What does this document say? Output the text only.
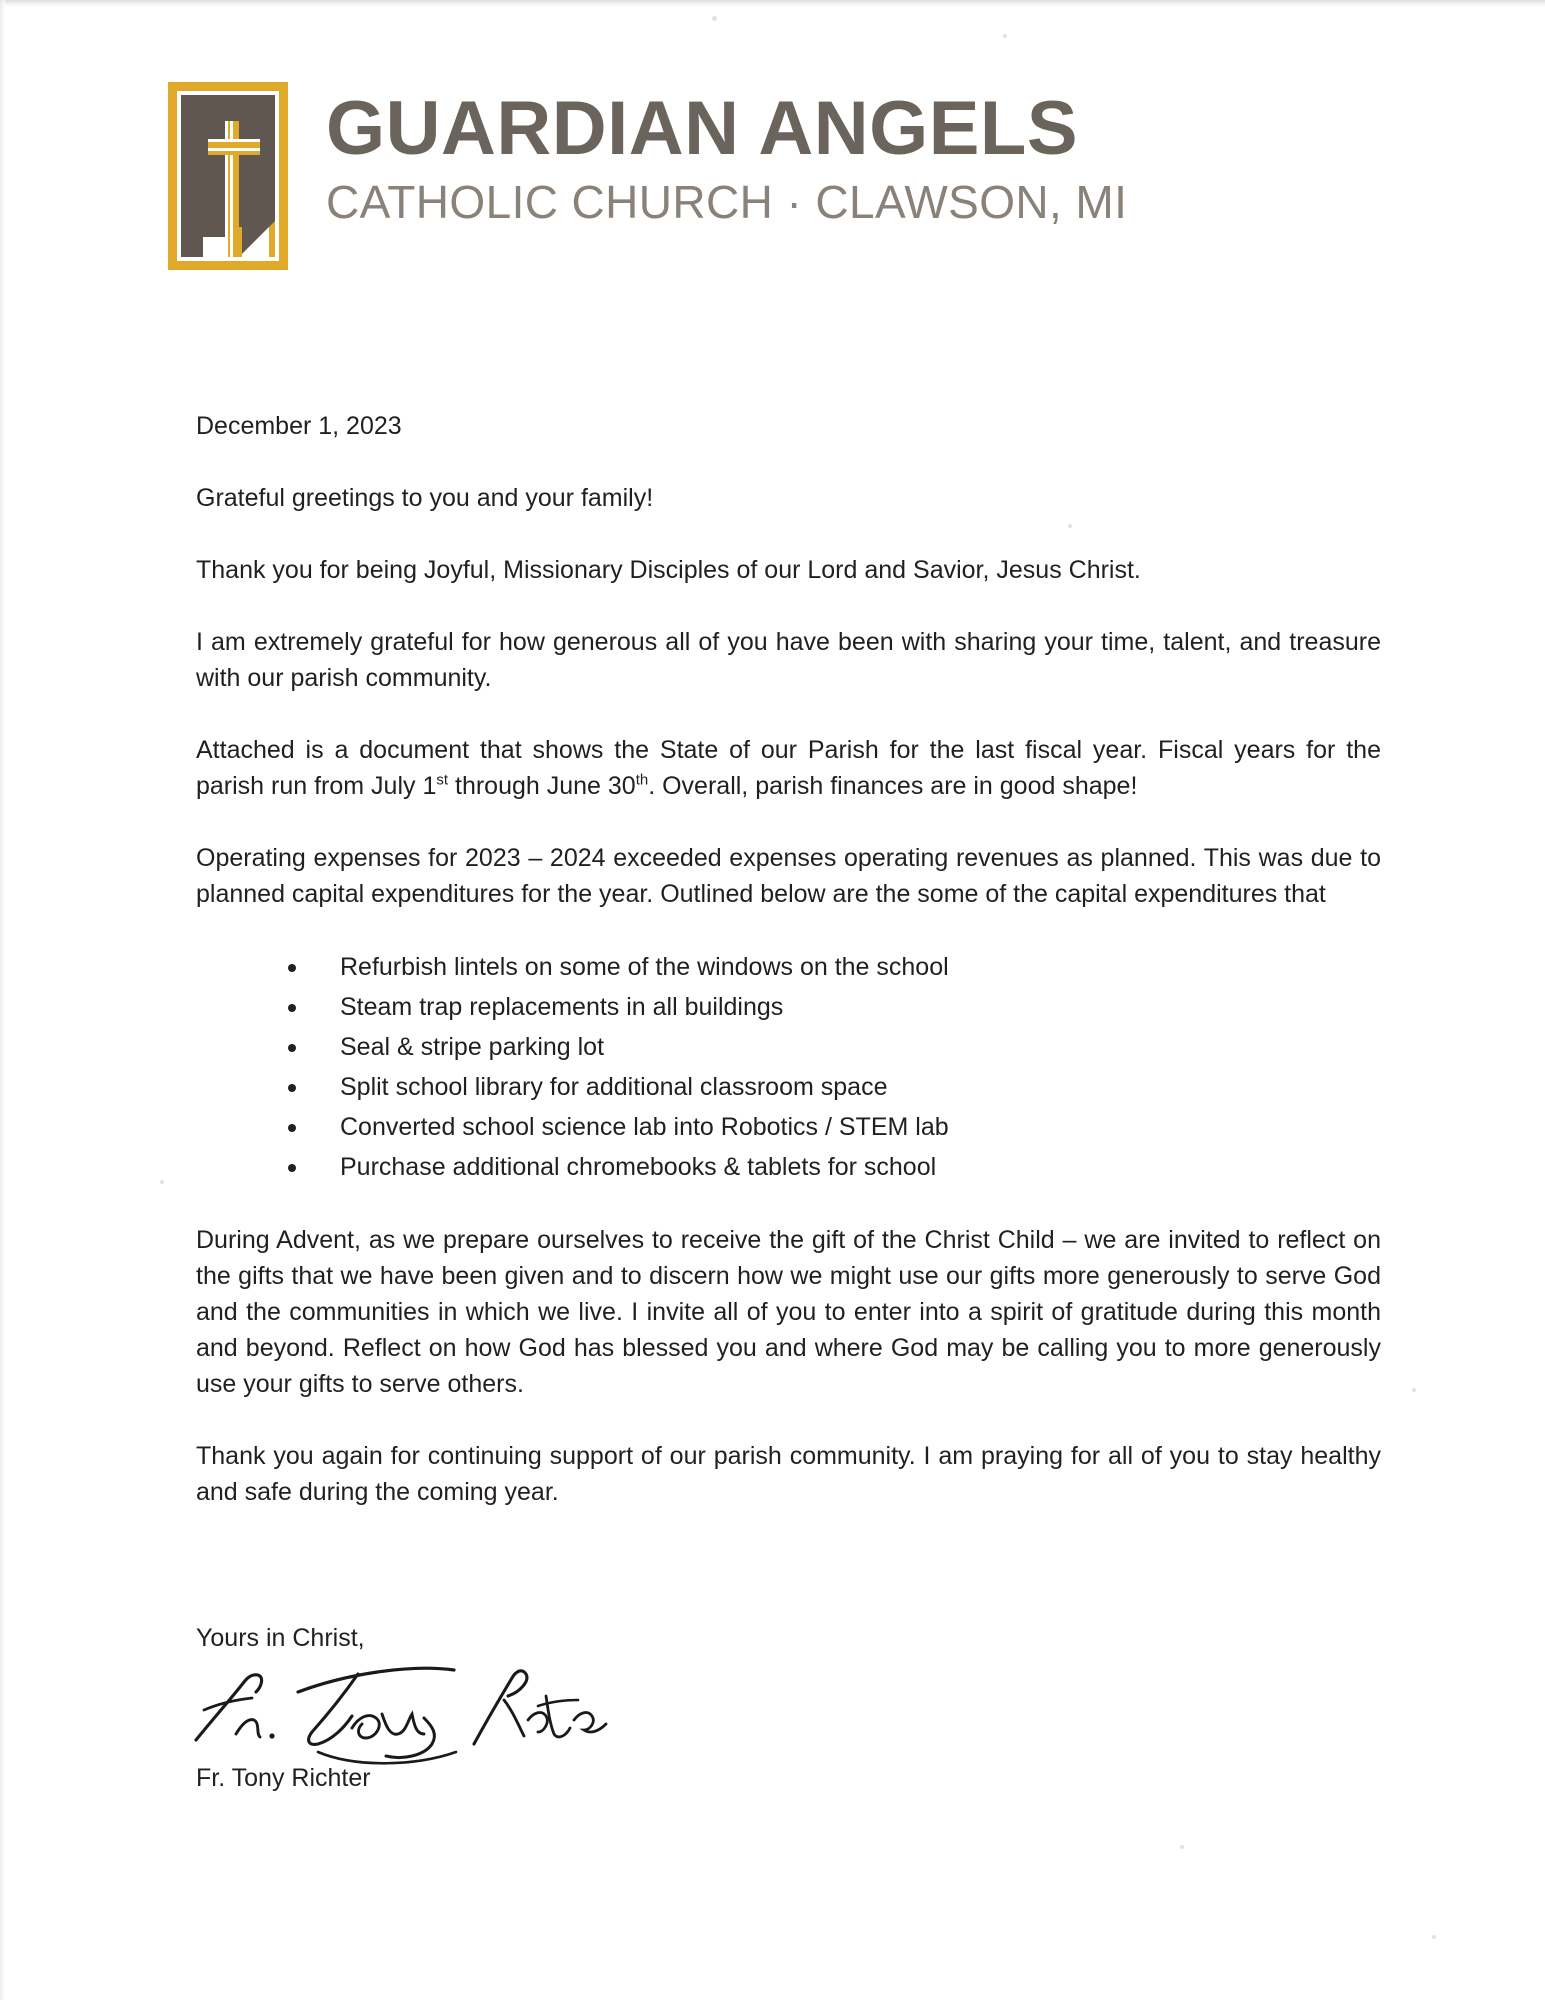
GUARDIAN ANGELS
CATHOLIC CHURCH · CLAWSON, MI

December 1, 2023

Grateful greetings to you and your family!

Thank you for being Joyful, Missionary Disciples of our Lord and Savior, Jesus Christ.

I am extremely grateful for how generous all of you have been with sharing your time, talent, and treasure with our parish community.

Attached is a document that shows the State of our Parish for the last fiscal year. Fiscal years for the parish run from July 1st through June 30th. Overall, parish finances are in good shape!

Operating expenses for 2023 – 2024 exceeded expenses operating revenues as planned. This was due to planned capital expenditures for the year. Outlined below are the some of the capital expenditures that

Refurbish lintels on some of the windows on the school
Steam trap replacements in all buildings
Seal & stripe parking lot
Split school library for additional classroom space
Converted school science lab into Robotics / STEM lab
Purchase additional chromebooks & tablets for school

During Advent, as we prepare ourselves to receive the gift of the Christ Child – we are invited to reflect on the gifts that we have been given and to discern how we might use our gifts more generously to serve God and the communities in which we live. I invite all of you to enter into a spirit of gratitude during this month and beyond. Reflect on how God has blessed you and where God may be calling you to more generously use your gifts to serve others.

Thank you again for continuing support of our parish community. I am praying for all of you to stay healthy and safe during the coming year.

Yours in Christ,
Fr. Tony Richter
